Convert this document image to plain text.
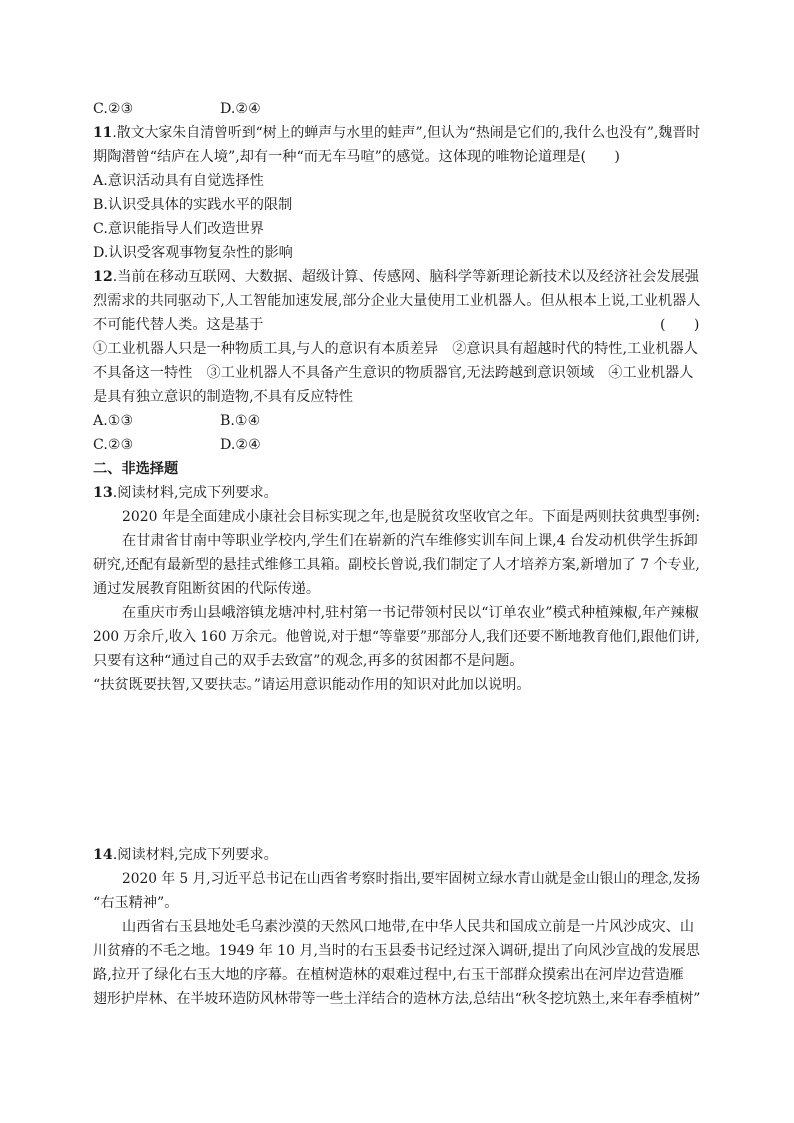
C.②③	D.②④
11.散文大家朱自清曾听到“树上的蝉声与水里的蛙声”,但认为“热闹是它们的,我什么也没有”,魏晋时
期陶潜曾“结庐在人境”,却有一种“而无车马喧”的感觉。这体现的唯物论道理是(　　)
A.意识活动具有自觉选择性
B.认识受具体的实践水平的限制
C.意识能指导人们改造世界
D.认识受客观事物复杂性的影响
12.当前在移动互联网、大数据、超级计算、传感网、脑科学等新理论新技术以及经济社会发展强
烈需求的共同驱动下,人工智能加速发展,部分企业大量使用工业机器人。但从根本上说,工业机器人
不可能代替人类。这是基于	(　　)
①工业机器人只是一种物质工具,与人的意识有本质差异　②意识具有超越时代的特性,工业机器人
不具备这一特性　③工业机器人不具备产生意识的物质器官,无法跨越到意识领域　④工业机器人
是具有独立意识的制造物,不具有反应特性
A.①③	B.①④
C.②③	D.②④
二、非选择题
13.阅读材料,完成下列要求。
2020 年是全面建成小康社会目标实现之年,也是脱贫攻坚收官之年。下面是两则扶贫典型事例:
在甘肃省甘南中等职业学校内,学生们在崭新的汽车维修实训车间上课,4 台发动机供学生拆卸
研究,还配有最新型的悬挂式维修工具箱。副校长曾说,我们制定了人才培养方案,新增加了 7 个专业,
通过发展教育阻断贫困的代际传递。
在重庆市秀山县峨溶镇龙塘冲村,驻村第一书记带领村民以“订单农业”模式种植辣椒,年产辣椒
200 万余斤,收入 160 万余元。他曾说,对于想“等靠要”那部分人,我们还要不断地教育他们,跟他们讲,
只要有这种“通过自己的双手去致富”的观念,再多的贫困都不是问题。
“扶贫既要扶智,又要扶志。”请运用意识能动作用的知识对此加以说明。
14.阅读材料,完成下列要求。
2020 年 5 月,习近平总书记在山西省考察时指出,要牢固树立绿水青山就是金山银山的理念,发扬
“右玉精神”。
山西省右玉县地处毛乌素沙漠的天然风口地带,在中华人民共和国成立前是一片风沙成灾、山
川贫瘠的不毛之地。1949 年 10 月,当时的右玉县委书记经过深入调研,提出了向风沙宣战的发展思
路,拉开了绿化右玉大地的序幕。在植树造林的艰难过程中,右玉干部群众摸索出在河岸边营造雁
翅形护岸林、在半坡环造防风林带等一些土洋结合的造林方法,总结出“秋冬挖坑熟土,来年春季植树”
